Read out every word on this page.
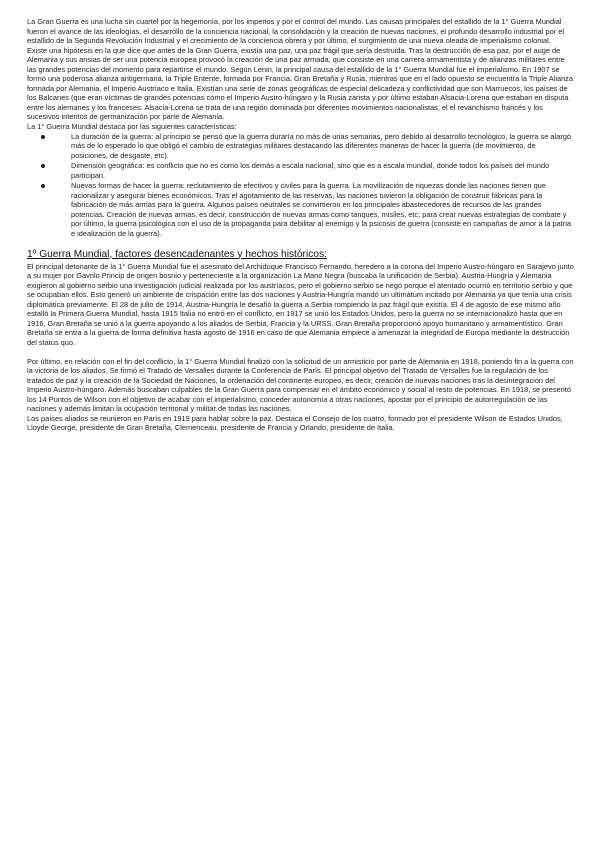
La Gran Guerra es una lucha sin cuartel por la hegemonía, por los imperios y por el control del mundo. Las causas principales del estallido de la 1° Guerra Mundial fueron el avance de las ideologías, el desarrollo de la conciencia nacional, la consolidación y la creación de nuevas naciones, el profundo desarrollo industrial por el estallido de la Segunda Revolución Industrial y el crecimiento de la conciencia obrera y por último, el surgimiento de una nueva oleada de imperialismo colonial.

Existe una hipótesis en la que dice que antes de la Gran Guerra, existía una paz, una paz frágil que sería destruida. Tras la destrucción de esa paz, por el auge de Alemania y sus ansias de ser una potencia europea provocó la creación de una paz armada, que consiste en una carrera armamentista y de alianzas militares entre las grandes potencias del momento para repartirse el mundo. Según Lenin, la principal causa del estallido de la 1° Guerra Mundial fue el imperialismo. En 1907 se formó una poderosa alianza antigermana, la Triple Entente, formada por Francia, Gran Bretaña y Rusia, mientras que en el lado opuesto se encuentra la Triple Alianza formada por Alemania, el Imperio Austríaco e Italia. Existían una serie de zonas geográficas de especial delicadeza y conflictividad que son Marruecos, los países de los Balcanes (que eran víctimas de grandes potencias como el Imperio Austro-húngaro y la Rusia zarista y por último estaban Alsacia-Lorena que estaban en disputa entre los alemanes y los franceses. Alsacia-Lorena se trata de una región dominada por diferentes movimientos nacionalistas, el el revanchismo francés y los sucesivos intentos de germanización por parte de Alemania.

La 1° Guerra Mundial destaca por las siguientes características:

La duración de la guerra: al principio se pensó que la guerra duraría no más de unas semanas, pero debido al desarrollo tecnológico, la guerra se alargó más de lo esperado lo que obligó el cambio de estrategias militares destacando las diferentes maneras de hacer la guerra (de movimiento, de posiciones, de desgaste, etc).
Dimensión geográfica: es conflicto que no es como los demás a escala nacional, sino que es a escala mundial, donde todos los países del mundo participan.
Nuevas formas de hacer la guerra: reclutamiento de efectivos y civiles para la guerra. La movilización de riquezas donde las naciones tienen que racionalizar y asegurar bienes económicos. Tras el agotamiento de las reservas, las naciones tuvieron la obligación de construir fábricas para la fabricación de más armas para la guerra. Algunos países neutrales se convirtieron en los principales abastecedores de recursos de las grandes potencias. Creación de nuevas armas, es decir, construcción de nuevas armas como tanques, misiles, etc; para crear nuevas estrategias de combate y por último, la guerra psicológica con el uso de la propaganda para debilitar al enemigo y la psicosis de guerra (consiste en campañas de amor a la patria e idealización de la guerra).
1º Guerra Mundial, factores desencadenantes y hechos históricos:

El principal detonante de la 1° Guerra Mundial fue el asesinato del Archiduque Francisco Fernando, heredero a la corona del Imperio Austro-húngaro en Sarajevo junto a su mujer por Gavrilo Princip de origen bosnio y perteneciente a la organización La Mano Negra (buscaba la unificación de Serbia). Austria-Hungría y Alemania exigieron al gobierno serbio una investigación judicial realizada por los austríacos, pero el gobierno serbio se negó porque el atentado ocurrió en territorio serbio y que se ocupaban ellos. Esto generó un ambiente de crispación entre las dos naciones y Austria-Hungría mandó un ultimátum incitado por Alemania ya que tenía una crisis diplomática previamente. El 28 de julio de 1914, Austria-Hungría le desafió la guerra a Serbia rompiendo la paz frágil que existía. El 4 de agosto de ese mismo año estalló la Primera Guerra Mundial, hasta 1915 Italia no entró en el conflicto, en 1917 se unió los Estados Unidos, pero la guerra no se internacionalizó hasta que en 1916, Gran Bretaña se unió a la guerra apoyando a los aliados de Serbia, Francia y la URSS. Gran Bretaña proporcionó apoyo humanitario y armamentístico. Gran Bretaña se entra a la guerra de forma definitiva hasta agosto de 1916 en caso de que Alemania empiece a amenazar la integridad de Europa mediante la destrucción del status quo.

Por último, en relación con el fin del conflicto, la 1° Guerra Mundial finalizó con la solicitud de un armisticio por parte de Alemania en 1918, poniendo fin a la guerra con la victoria de los aliados. Se firmó el Tratado de Versalles durante la Conferencia de París. El principal objetivo del Tratado de Versalles fue la regulación de los tratados de paz y la creación de la Sociedad de Naciones, la ordenación del continente europeo, es decir, creación de nuevas naciones tras la desintegración del Imperio Austro-húngaro. Además buscaban culpables de la Gran Guerra para compensar en el ámbito económico y social al resto de potencias. En 1918, se presentó los 14 Puntos de Wilson con el objetivo de acabar con el imperialismo, conceder autonomía a otras naciones, apostar por el principio de autorregulación de las naciones y además limitan la ocupación territorial y militar de todas las naciones.

Los países aliados se reunieron en París en 1919 para hablar sobre la paz. Destaca el Consejo de los cuatro, formado por el presidente Wilson de Estados Unidos, Lloyde George, presidente de Gran Bretaña, Clemenceau, presidente de Francia y Orlando, presidente de Italia.
